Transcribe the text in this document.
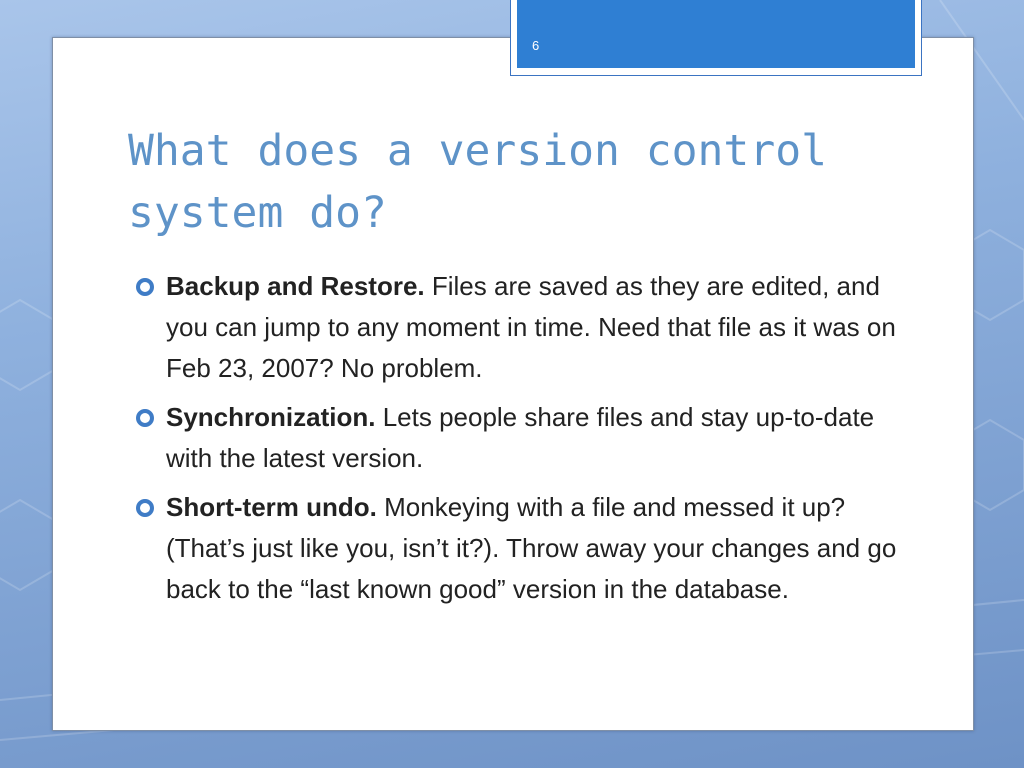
6
What does a version control system do?
Backup and Restore. Files are saved as they are edited, and you can jump to any moment in time. Need that file as it was on Feb 23, 2007? No problem.
Synchronization. Lets people share files and stay up-to-date with the latest version.
Short-term undo. Monkeying with a file and messed it up? (That’s just like you, isn’t it?). Throw away your changes and go back to the “last known good” version in the database.
